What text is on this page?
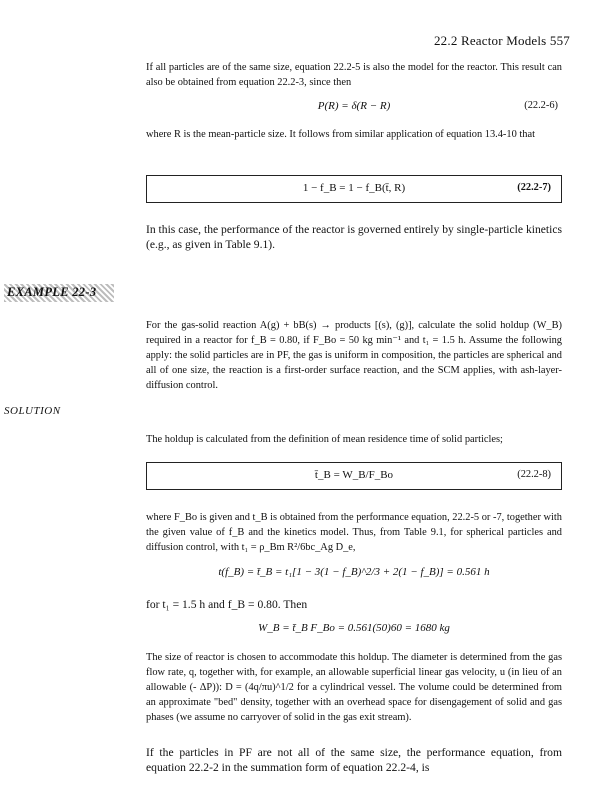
22.2 Reactor Models 557
If all particles are of the same size, equation 22.2-5 is also the model for the reactor. This result can also be obtained from equation 22.2-3, since then
P(R) = δ(R − R)	(22.2-6)
where R is the mean-particle size. It follows from similar application of equation 13.4-10 that
1 − f_B = 1 − f_B(t̄, R)	(22.2-7)
In this case, the performance of the reactor is governed entirely by single-particle kinetics (e.g., as given in Table 9.1).
EXAMPLE 22-3
For the gas-solid reaction A(g) + bB(s) → products [(s), (g)], calculate the solid holdup (W_B) required in a reactor for f_B = 0.80, if F_Bo = 50 kg min⁻¹ and t₁ = 1.5 h. Assume the following apply: the solid particles are in PF, the gas is uniform in composition, the particles are spherical and all of one size, the reaction is a first-order surface reaction, and the SCM applies, with ash-layer-diffusion control.
SOLUTION
The holdup is calculated from the definition of mean residence time of solid particles;
t̄_B = W_B/F_Bo	(22.2-8)
where F_Bo is given and t_B is obtained from the performance equation, 22.2-5 or -7, together with the given value of f_B and the kinetics model. Thus, from Table 9.1, for spherical particles and diffusion control, with t₁ = ρ_Bm R²/6bc_Ag D_e,
t(f_B) = t̄_B = t₁[1 − 3(1 − f_B)^2/3 + 2(1 − f_B)] = 0.561 h
for t₁ = 1.5 h and f_B = 0.80. Then
W_B = t̄_B F_Bo = 0.561(50)60 = 1680 kg
The size of reactor is chosen to accommodate this holdup. The diameter is determined from the gas flow rate, q, together with, for example, an allowable superficial linear gas velocity, u (in lieu of an allowable (- ΔP)): D = (4q/πu)^1/2 for a cylindrical vessel. The volume could be determined from an approximate "bed" density, together with an overhead space for disengagement of solid and gas phases (we assume no carryover of solid in the gas exit stream).
If the particles in PF are not all of the same size, the performance equation, from equation 22.2-2 in the summation form of equation 22.2-4, is
